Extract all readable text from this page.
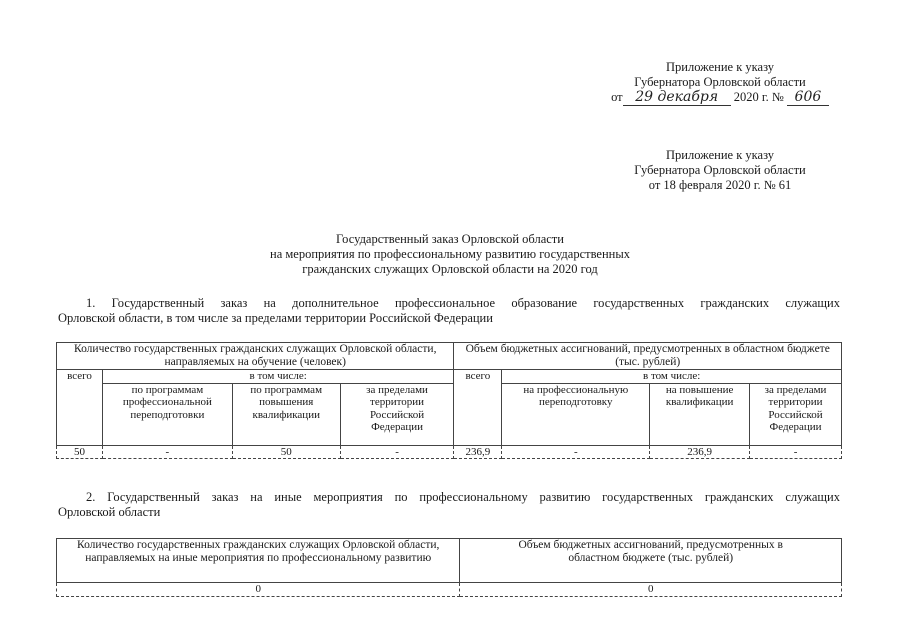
Приложение к указу
Губернатора Орловской области
от 29 декабря 2020 г. № 606
Приложение к указу
Губернатора Орловской области
от 18 февраля 2020 г. № 61
Государственный заказ Орловской области
на мероприятия по профессиональному развитию государственных
гражданских служащих Орловской области на 2020 год
1. Государственный заказ на дополнительное профессиональное образование государственных гражданских служащих
Орловской области, в том числе за пределами территории Российской Федерации
Количество государственных гражданских служащих Орловской области, направляемых на обучение (человек)				Объем бюджетных ассигнований, предусмотренных в областном бюджете (тыс. рублей)			
всего	в том числе:			всего	в том числе:		
	по программам профессиональной переподготовки	по программам повышения квалификации	за пределами территории Российской Федерации		на профессиональную переподготовку	на повышение квалификации	за пределами территории Российской Федерации
50	-	50	-	236,9	-	236,9	-
2. Государственный заказ на иные мероприятия по профессиональному развитию государственных гражданских служащих
Орловской области
Количество государственных гражданских служащих Орловской области, направляемых на иные мероприятия по профессиональному развитию	Объем бюджетных ассигнований, предусмотренных в областном бюджете (тыс. рублей)
0	0
